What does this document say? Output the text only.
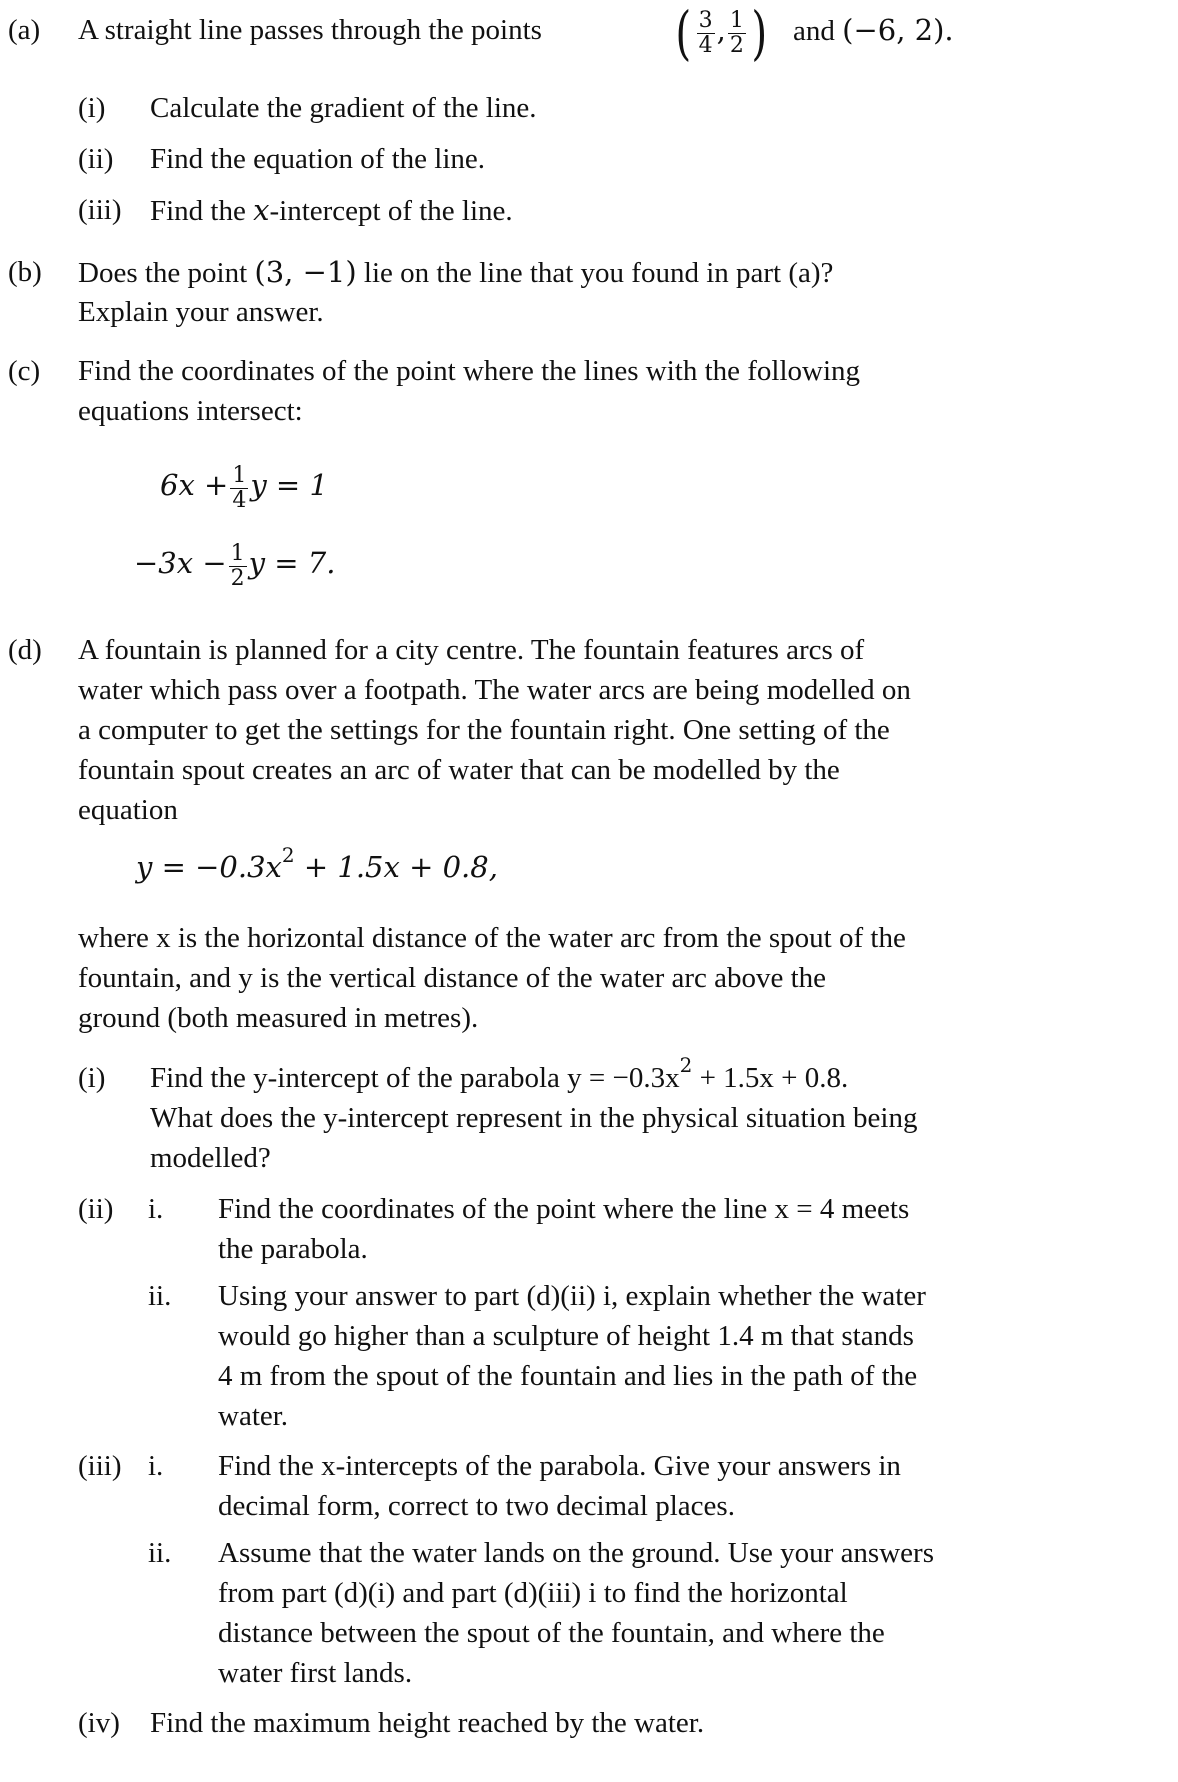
(a) A straight line passes through the points ( $\frac{3}{4}$ , $\frac{1}{2}$ ) and (−6, 2).
(i) Calculate the gradient of the line.
(ii) Find the equation of the line.
(iii) Find the x-intercept of the line.
(b) Does the point (3, −1) lie on the line that you found in part (a)?
Explain your answer.
(c) Find the coordinates of the point where the lines with the following
equations intersect:
$6x + \frac{1}{4}$ y = 1
$-3x - \frac{1}{2}$ y = 7.
(d) A fountain is planned for a city centre. The fountain features arcs of
water which pass over a footpath. The water arcs are being modelled on
a computer to get the settings for the fountain right. One setting of the
fountain spout creates an arc of water that can be modelled by the
equation
$y = -0.3x^2 + 1.5x + 0.8$,
where x is the horizontal distance of the water arc from the spout of the
fountain, and y is the vertical distance of the water arc above the
ground (both measured in metres).
(i) Find the y-intercept of the parabola $y = -0.3x^2 + 1.5x + 0.8$.
What does the y-intercept represent in the physical situation being
modelled?
(ii) i. Find the coordinates of the point where the line x = 4 meets
the parabola.
ii. Using your answer to part (d)(ii) i, explain whether the water
would go higher than a sculpture of height 1.4 m that stands
4 m from the spout of the fountain and lies in the path of the
water.
(iii) i. Find the x-intercepts of the parabola. Give your answers in
decimal form, correct to two decimal places.
ii. Assume that the water lands on the ground. Use your answers
from part (d)(i) and part (d)(iii) i to find the horizontal
distance between the spout of the fountain, and where the
water first lands.
(iv) Find the maximum height reached by the water.
